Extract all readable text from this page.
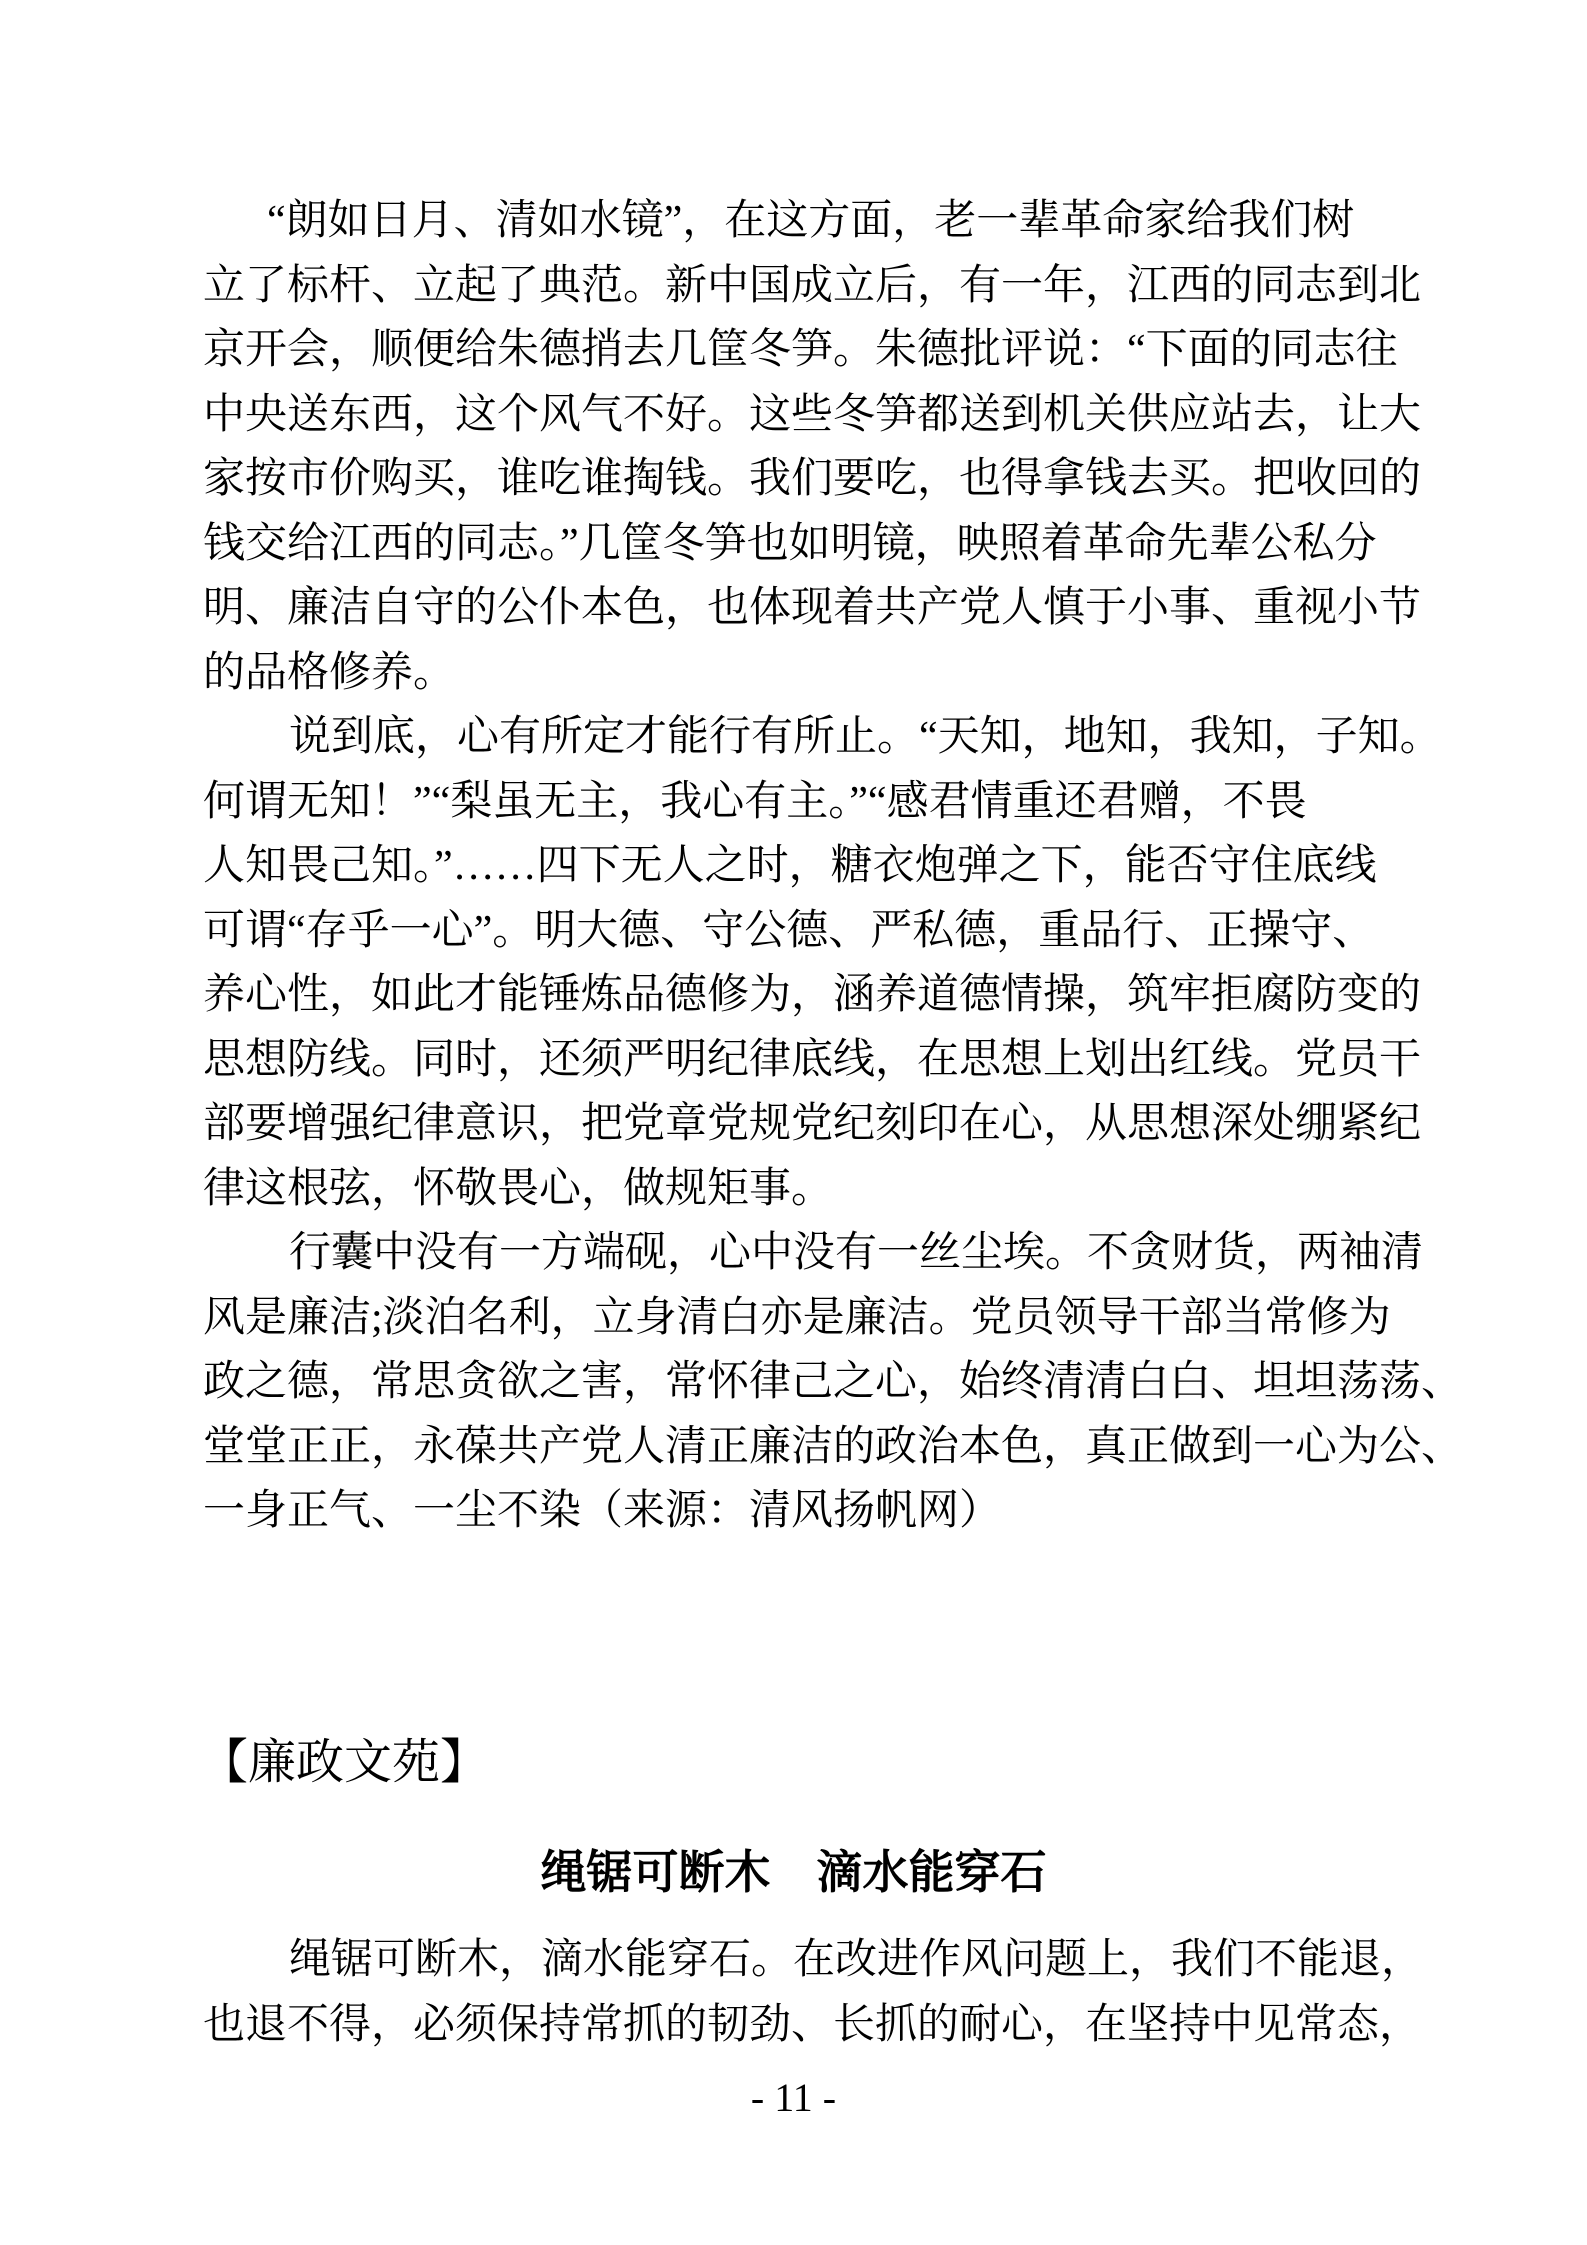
“朗如日月、清如水镜”，在这方面，老一辈革命家给我们树
立了标杆、立起了典范。新中国成立后，有一年，江西的同志到北
京开会，顺便给朱德捎去几筐冬笋。朱德批评说：“下面的同志往
中央送东西，这个风气不好。这些冬笋都送到机关供应站去，让大
家按市价购买，谁吃谁掏钱。我们要吃，也得拿钱去买。把收回的
钱交给江西的同志。”几筐冬笋也如明镜，映照着革命先辈公私分
明、廉洁自守的公仆本色，也体现着共产党人慎于小事、重视小节
的品格修养。
说到底，心有所定才能行有所止。“天知，地知，我知，子知。
何谓无知！”“梨虽无主，我心有主。”“感君情重还君赠，不畏
人知畏己知。”……四下无人之时，糖衣炮弹之下，能否守住底线
可谓“存乎一心”。明大德、守公德、严私德，重品行、正操守、
养心性，如此才能锤炼品德修为，涵养道德情操，筑牢拒腐防变的
思想防线。同时，还须严明纪律底线，在思想上划出红线。党员干
部要增强纪律意识，把党章党规党纪刻印在心，从思想深处绷紧纪
律这根弦，怀敬畏心，做规矩事。
行囊中没有一方端砚，心中没有一丝尘埃。不贪财货，两袖清
风是廉洁;淡泊名利，立身清白亦是廉洁。党员领导干部当常修为
政之德，常思贪欲之害，常怀律己之心，始终清清白白、坦坦荡荡、
堂堂正正，永葆共产党人清正廉洁的政治本色，真正做到一心为公、
一身正气、一尘不染（来源：清风扬帆网）
【廉政文苑】
绳锯可断木　滴水能穿石
绳锯可断木，滴水能穿石。在改进作风问题上，我们不能退，
也退不得，必须保持常抓的韧劲、长抓的耐心，在坚持中见常态，
- 11 -
